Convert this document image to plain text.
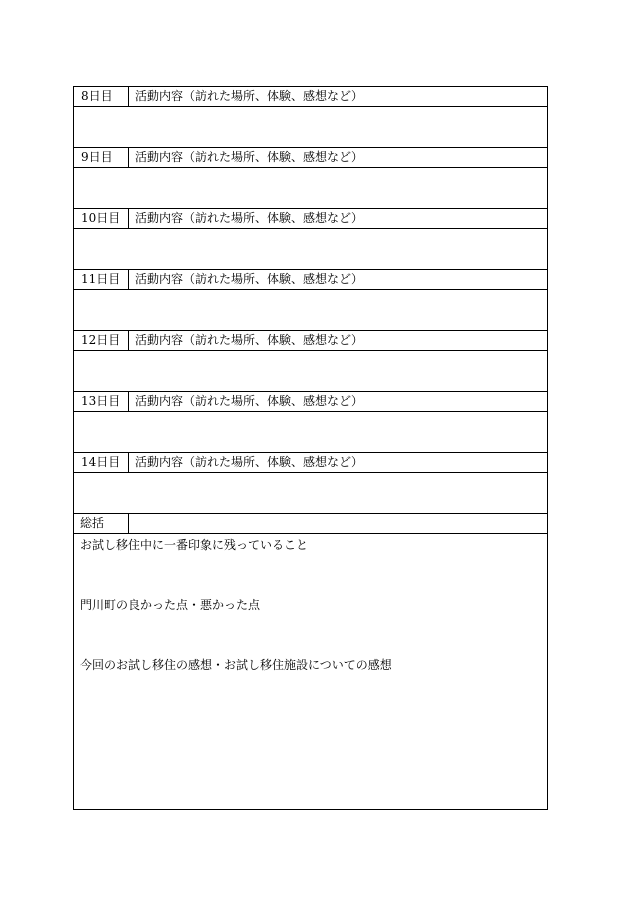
8日目	活動内容（訪れた場所、体験、感想など）
9日目	活動内容（訪れた場所、体験、感想など）
10日目	活動内容（訪れた場所、体験、感想など）
11日目	活動内容（訪れた場所、体験、感想など）
12日目	活動内容（訪れた場所、体験、感想など）
13日目	活動内容（訪れた場所、体験、感想など）
14日目	活動内容（訪れた場所、体験、感想など）
総括
お試し移住中に一番印象に残っていること
門川町の良かった点・悪かった点
今回のお試し移住の感想・お試し移住施設についての感想
